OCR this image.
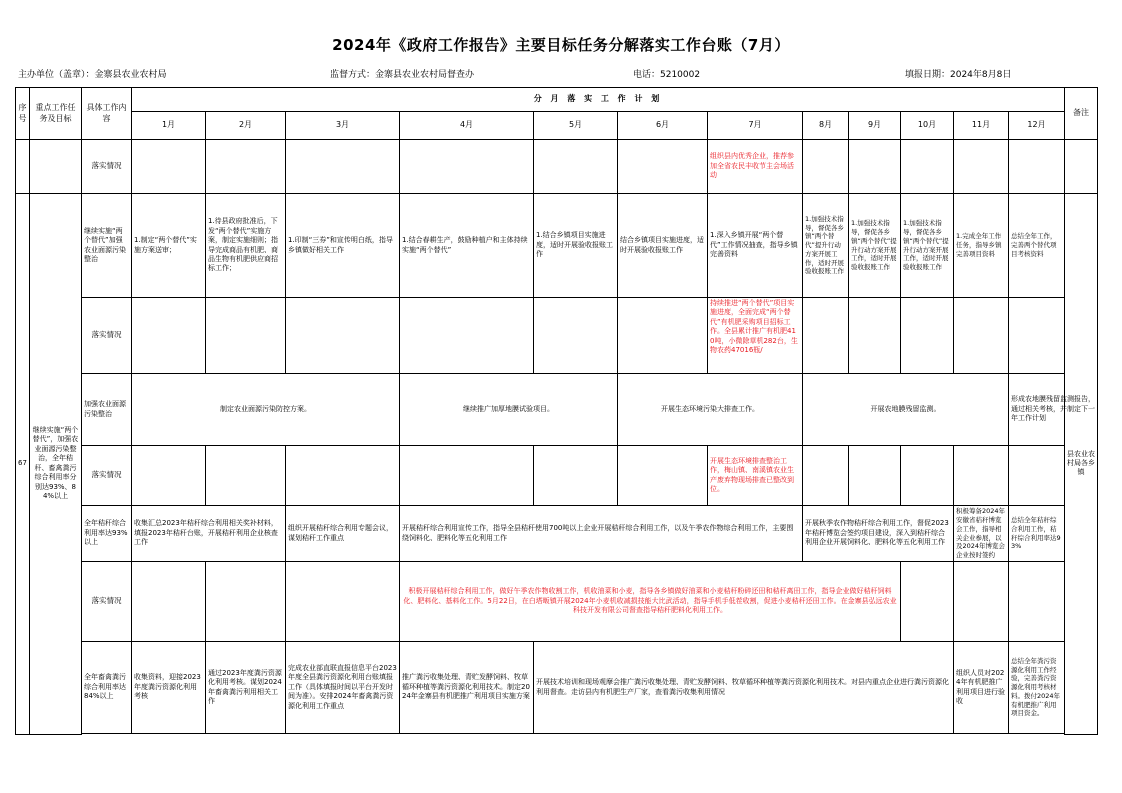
2024年《政府工作报告》主要目标任务分解落实工作台账（7月）
主办单位（盖章）：金寨县农业农村局	监督方式：金寨县农业农村局督查办	电话：5210002	填报日期：2024年8月8日
序号	重点工作任务及目标	具体工作内容	分 月 落 实 工 作 计 划												备注
			1月	2月	3月	4月	5月	6月	7月	8月	9月	10月	11月	12月	
		落实情况							组织县内优秀企业，推荐参加全省农民丰收节主会场活动						
67	继续实施“两个替代”，加强农业面源污染整治，全年秸秆、畜禽粪污综合利用率分别达93%、84%以上	继续实施“两个替代”加强农业面源污染整治	1.制定“两个替代”实施方案送审；	1.待县政府批准后，下发“两个替代”实施方案，制定实施细则；指导完成商品有机肥、商品生物有机肥供应商招标工作；	1.印制“三券”和宣传明白纸，指导乡镇做好相关工作	1.结合春耕生产，鼓励种植户和主体持续实施“两个替代”	1.结合乡镇项目实施进度，适时开展验收报账工作	结合乡镇项目实施进度，适时开展验收报账工作	1.深入乡镇开展“两个替代”工作情况抽查，指导乡镇完善资料	1.加强技术指导，督促各乡镇“两个替代”提升行动方案开展工作，适时开展验收报账工作	1.加强技术指导，督促各乡镇“两个替代”提升行动方案开展工作，适时开展验收报账工作	1.加强技术指导，督促各乡镇“两个替代”提升行动方案开展工作，适时开展验收报账工作	1.完成全年工作任务，指导乡镇完善项目资料	总结全年工作，完善两个替代项目考核资料	县农业农村局各乡镇
		落实情况							持续推进“两个替代”项目实施进度，全面完成“两个替代”有机肥采购项目招标工作。全县累计推广有机肥410吨，小微除草机282台，生物农药47016瓶/						
		加强农业面源污染整治	制定农业面源污染防控方案。			继续推广加厚地膜试验项目。		开展生态环境污染大排查工作。		开展农地膜残留监测。				形成农地膜残留监测报告，通过相关考核，并制定下一年工作计划	
		落实情况							开展生态环境排查整治工作，梅山镇、南溪镇农业生产废弃物现场排查已整改到位。						
		全年秸秆综合利用率达93%以上	收集汇总2023年秸秆综合利用相关奖补材料，填报2023年秸秆台账，开展秸秆利用企业核查工作		组织开展秸秆综合利用专题会议，谋划秸秆工作重点	开展秸秆综合利用宣传工作，指导全县秸秆使用700吨以上企业开展秸秆综合利用工作，以及午季农作物综合利用工作，主要围绕饲料化、肥料化等五化利用工作				开展秋季农作物秸秆综合利用工作，督促2023年秸秆博览会签约项目建设，深入到秸秆综合利用企业开展饲料化、肥料化等五化利用工作			积极筹备2024年安徽省秸秆博览会工作，指导相关企业参展，以及2024年博览会企业按时签约	总结全年秸秆综合利用工作，秸秆综合利用率达93%	
		落实情况				积极开展秸秆综合利用工作，做好午季农作物收割工作，机收油菜和小麦，指导各乡镇做好油菜和小麦秸秆粉碎还田和秸秆离田工作，指导企业做好秸秆饲料化、肥料化、基料化工作。5月22日，在白塔畈镇开展2024年小麦机收减损技能大比武活动，指导手机手低茬收割，促进小麦秸秆还田工作。在金寨县弘远农业科技开发有限公司督查指导秸秆肥料化利用工作。									
		全年畜禽粪污综合利用率达84%以上	收集资料，迎接2023年度粪污资源化利用考核	通过2023年度粪污资源化利用考核。谋划2024年畜禽粪污利用相关工作	完成农业部直联直报信息平台2023年度全县粪污资源化利用台账填报工作（具体填报时间以平台开发时间为准）。安排2024年畜禽粪污资源化利用工作重点	推广粪污收集处理、青贮发酵饲料、牧草循环种植等粪污资源化利用技术。制定2024年金寨县有机肥推广利用项目实施方案	开展技术培训和现场观摩会推广粪污收集处理、青贮发酵饲料、牧草循环种植等粪污资源化利用技术。对县内重点企业进行粪污资源化利用督查。走访县内有机肥生产厂家，查看粪污收集利用情况						组织人员对2024年有机肥推广利用项目进行验收	总结全年粪污资源化利用工作经验，完善粪污资源化利用考核材料。拨付2024年有机肥推广利用项目资金。	
